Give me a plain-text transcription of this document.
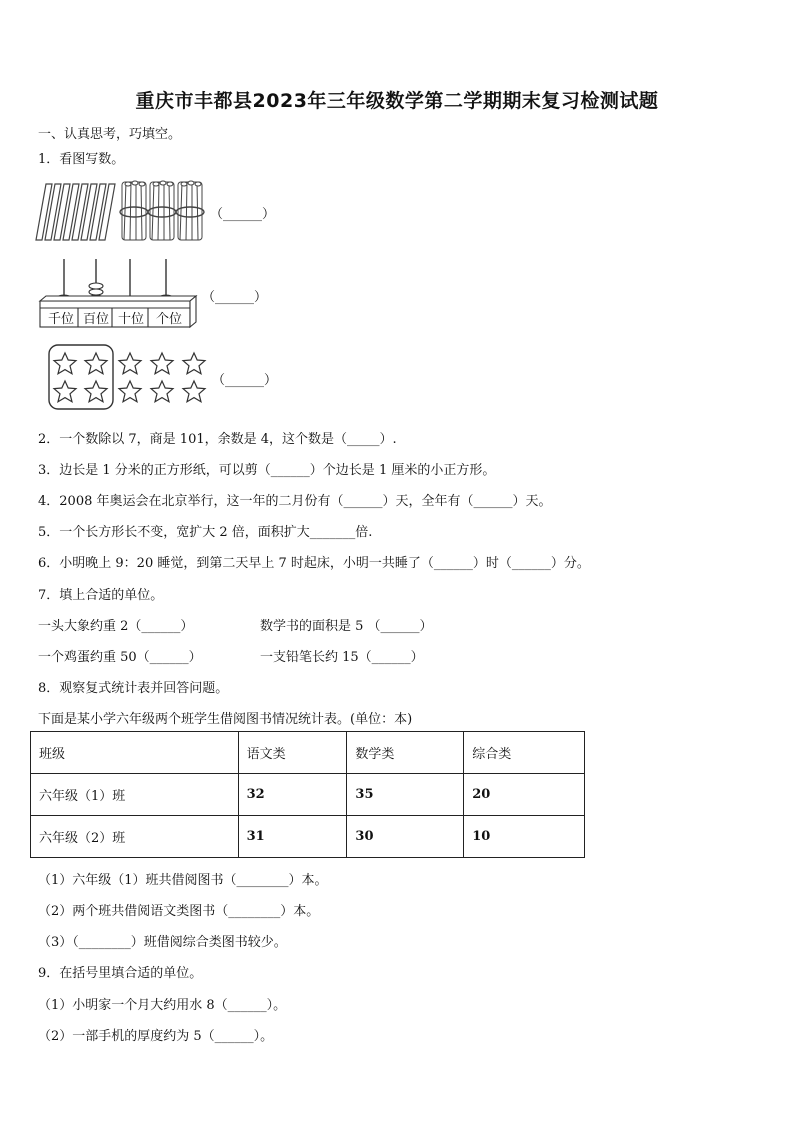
重庆市丰都县2023年三年级数学第二学期期末复习检测试题
一、认真思考，巧填空。
1．看图写数。
（______）
千位 百位 十位 个位
（______）
（______）
2．一个数除以 7，商是 101，余数是 4，这个数是（_____）.
3．边长是 1 分米的正方形纸，可以剪（______）个边长是 1 厘米的小正方形。
4．2008 年奥运会在北京举行，这一年的二月份有（______）天，全年有（______）天。
5．一个长方形长不变，宽扩大 2 倍，面积扩大_______倍.
6．小明晚上 9：20 睡觉，到第二天早上 7 时起床，小明一共睡了（______）时（______）分。
7．填上合适的单位。
一头大象约重 2（______）	数学书的面积是 5 （______）
一个鸡蛋约重 50（______）	一支铅笔长约 15（______）
8．观察复式统计表并回答问题。
下面是某小学六年级两个班学生借阅图书情况统计表。(单位：本)
班级	语文类	数学类	综合类
六年级（1）班	32	35	20
六年级（2）班	31	30	10
（1）六年级（1）班共借阅图书（________）本。
（2）两个班共借阅语文类图书（________）本。
（3）（________）班借阅综合类图书较少。
9．在括号里填合适的单位。
（1）小明家一个月大约用水 8（______）。
（2）一部手机的厚度约为 5（______）。
